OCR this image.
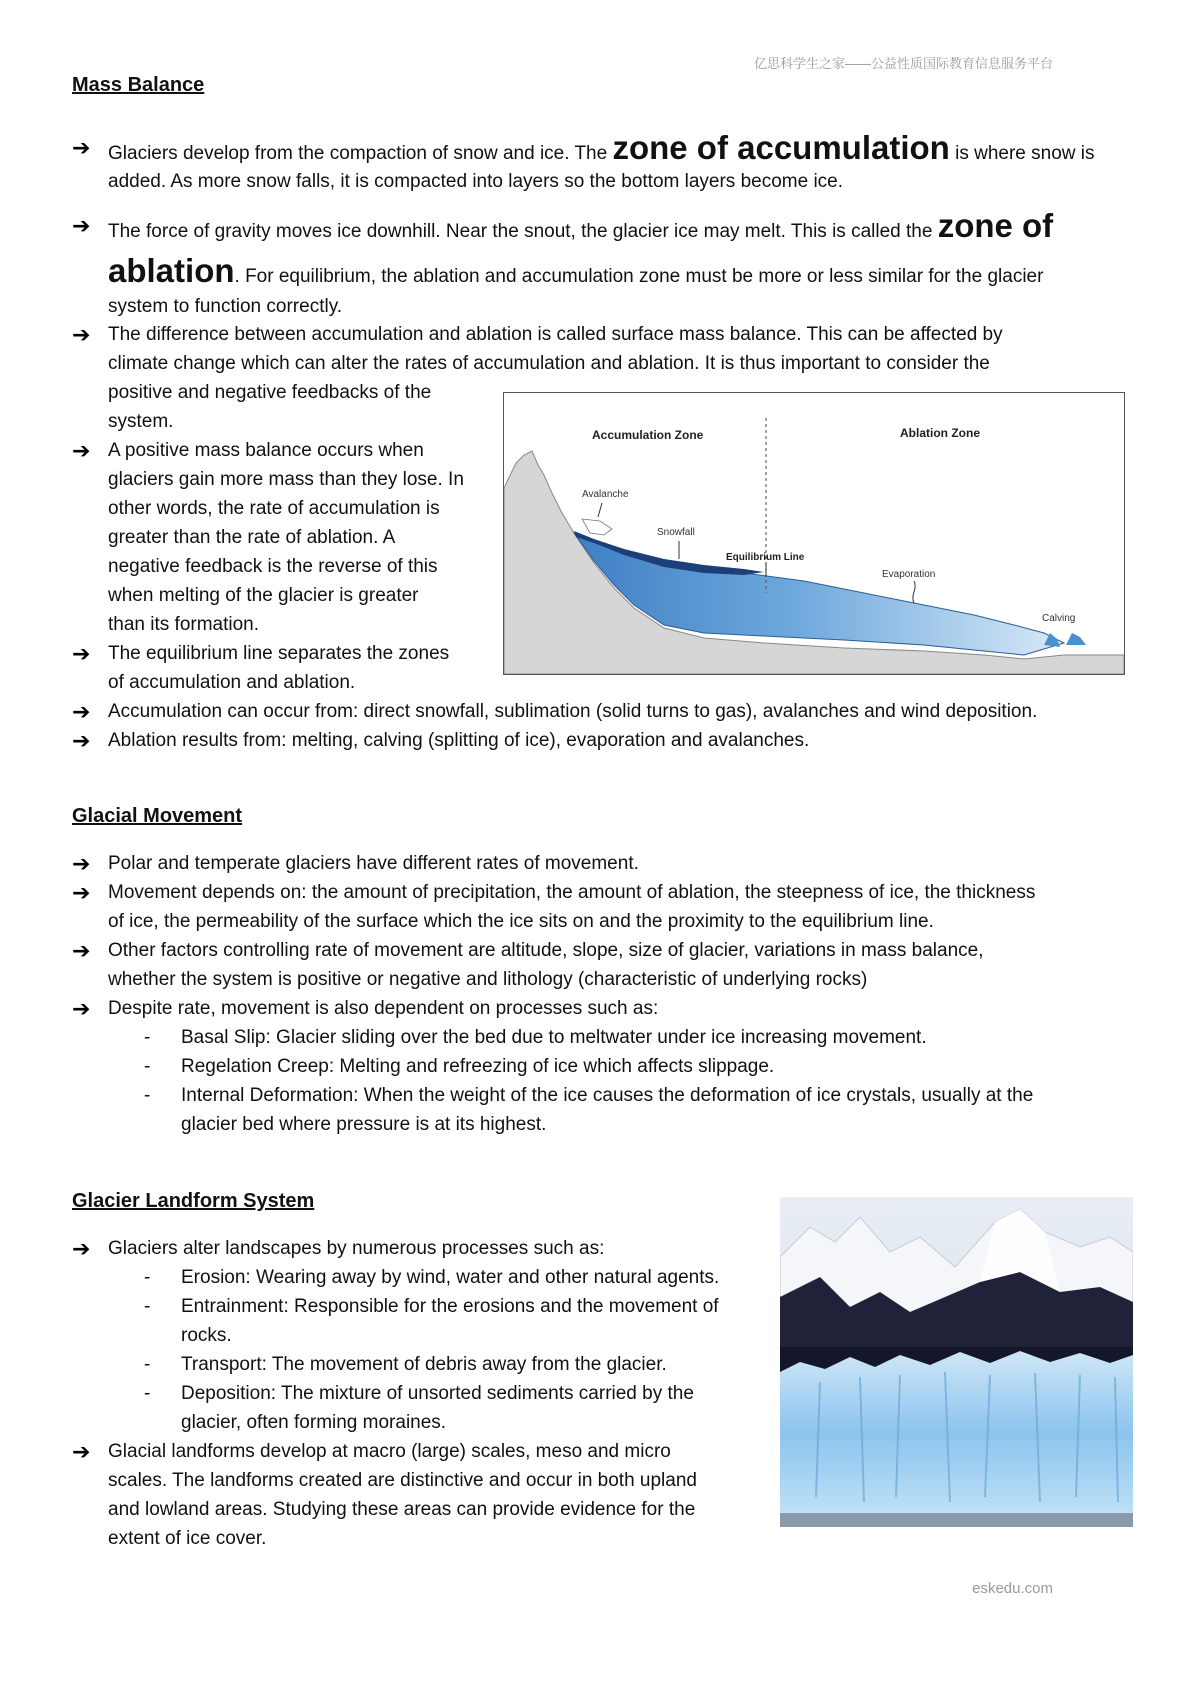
亿思科学生之家——公益性质国际教育信息服务平台
Mass Balance
➔ Glaciers develop from the compaction of snow and ice. The zone of accumulation is where snow is
added. As more snow falls, it is compacted into layers so the bottom layers become ice.
➔ The force of gravity moves ice downhill. Near the snout, the glacier ice may melt. This is called the zone of
ablation. For equilibrium, the ablation and accumulation zone must be more or less similar for the glacier
system to function correctly.
➔ The difference between accumulation and ablation is called surface mass balance. This can be affected by
climate change which can alter the rates of accumulation and ablation. It is thus important to consider the
positive and negative feedbacks of the
system.
➔ A positive mass balance occurs when
glaciers gain more mass than they lose. In
other words, the rate of accumulation is
greater than the rate of ablation. A
negative feedback is the reverse of this
when melting of the glacier is greater
than its formation.
➔ The equilibrium line separates the zones
of accumulation and ablation.
➔ Accumulation can occur from: direct snowfall, sublimation (solid turns to gas), avalanches and wind deposition.
➔ Ablation results from: melting, calving (splitting of ice), evaporation and avalanches.
Accumulation Zone	Ablation Zone
Avalanche
Snowfall
Equilibrium Line
Evaporation
Calving
Glacial Movement
➔ Polar and temperate glaciers have different rates of movement.
➔ Movement depends on: the amount of precipitation, the amount of ablation, the steepness of ice, the thickness
of ice, the permeability of the surface which the ice sits on and the proximity to the equilibrium line.
➔ Other factors controlling rate of movement are altitude, slope, size of glacier, variations in mass balance,
whether the system is positive or negative and lithology (characteristic of underlying rocks)
➔ Despite rate, movement is also dependent on processes such as:
- Basal Slip: Glacier sliding over the bed due to meltwater under ice increasing movement.
- Regelation Creep: Melting and refreezing of ice which affects slippage.
- Internal Deformation: When the weight of the ice causes the deformation of ice crystals, usually at the
glacier bed where pressure is at its highest.
Glacier Landform System
➔ Glaciers alter landscapes by numerous processes such as:
- Erosion: Wearing away by wind, water and other natural agents.
- Entrainment: Responsible for the erosions and the movement of
rocks.
- Transport: The movement of debris away from the glacier.
- Deposition: The mixture of unsorted sediments carried by the
glacier, often forming moraines.
➔ Glacial landforms develop at macro (large) scales, meso and micro
scales. The landforms created are distinctive and occur in both upland
and lowland areas. Studying these areas can provide evidence for the
extent of ice cover.
eskedu.com
